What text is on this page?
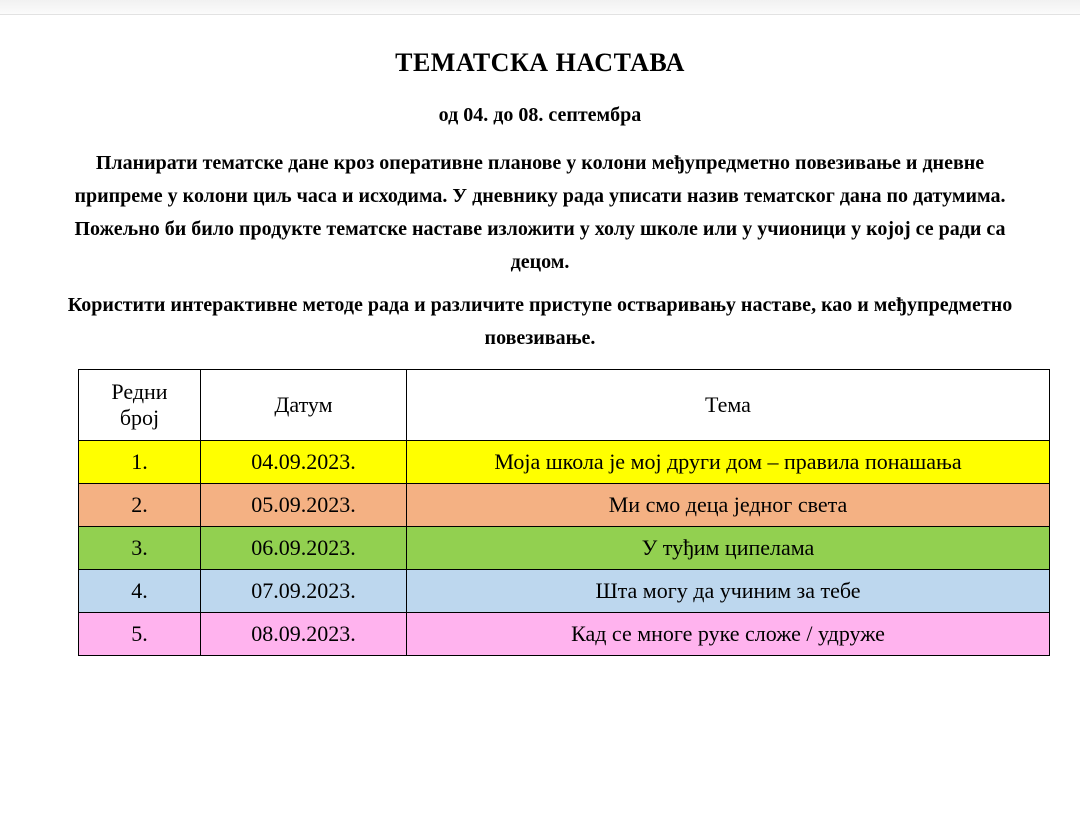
ТЕМАТСКА НАСТАВА
од 04. до 08. септембра
Планирати тематске дане кроз оперативне планове у колони међупредметно повезивање и дневне припреме у колони циљ часа и исходима. У дневнику рада уписати назив тематског дана по датумима. Пожељно би било продукте тематске наставе изложити у холу школе или у учионици у којој се ради са децом.
Користити интерактивне методе рада и различите приступе остваривању наставе, као и међупредметно повезивање.
Редни
број	Датум	Тема
1.	04.09.2023.	Моја школа је мој други дом – правила понашања
2.	05.09.2023.	Ми смо деца једног света
3.	06.09.2023.	У туђим ципелама
4.	07.09.2023.	Шта могу да учиним за тебе
5.	08.09.2023.	Кад се многе руке сложе / удруже
